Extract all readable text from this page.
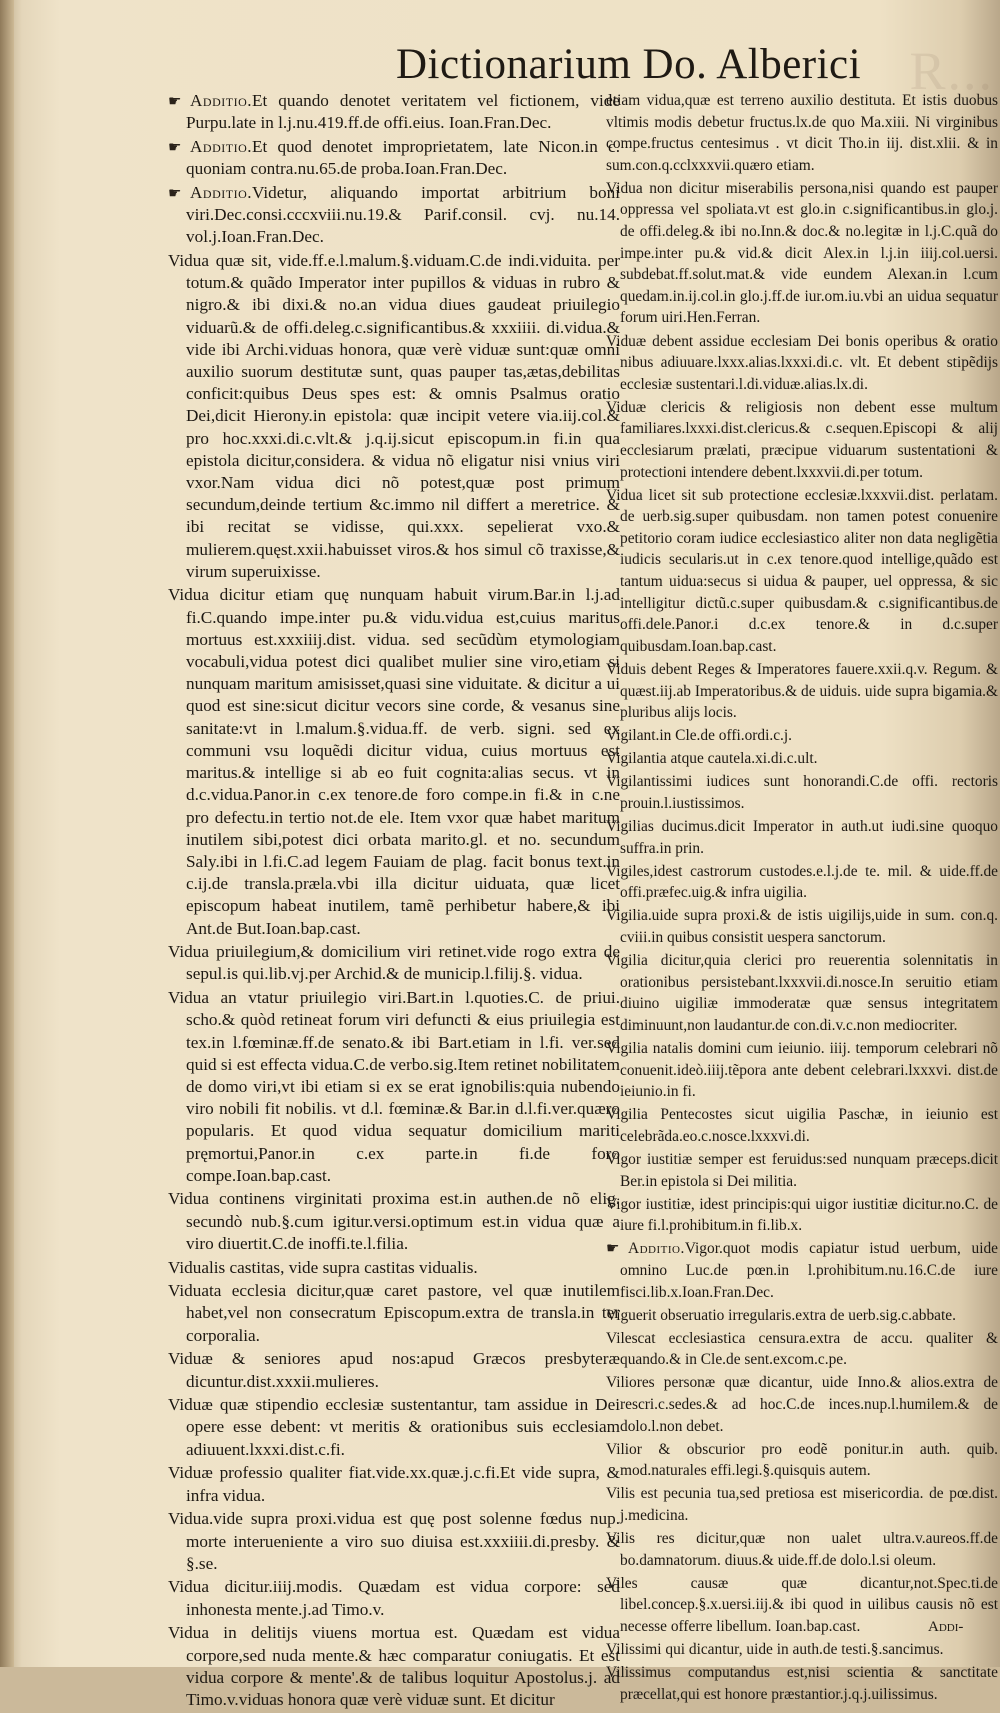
R...
Dictionarium Do. Alberici

☛ Additio.Et quando denotet veritatem vel fictionem, vide Purpu.late in l.j.nu.419.ff.de offi.eius. Ioan.Fran.Dec.

☛ Additio.Et quod denotet improprietatem, late Nicon.in c. quoniam contra.nu.65.de proba.Ioan.Fran.Dec.

☛ Additio.Videtur, aliquando importat arbitrium boni viri.Dec.consi.cccxviii.nu.19.& Parif.consil. cvj. nu.14. vol.j.Ioan.Fran.Dec.

Vidua quæ sit, vide.ff.e.l.malum.§.viduam.C.de indi.viduita. per totum.& quãdo Imperator inter pupillos & viduas in rubro & nigro.& ibi dixi.& no.an vidua diues gaudeat priuilegio viduarũ.& de offi.deleg.c.significantibus.& xxxiiii. di.vidua.& vide ibi Archi.viduas honora, quæ verè viduæ sunt:quæ omni auxilio suorum destitutæ sunt, quas pauper tas,ætas,debilitas conficit:quibus Deus spes est: & omnis Psalmus oratio Dei,dicit Hierony.in epistola: quæ incipit vetere via.iij.col.& pro hoc.xxxi.di.c.vlt.& j.q.ij.sicut episcopum.in fi.in qua epistola dicitur,considera. & vidua nõ eligatur nisi vnius viri vxor.Nam vidua dici nõ potest,quæ post primum secundum,deinde tertium &c.immo nil differt a meretrice. & ibi recitat se vidisse, qui.xxx. sepelierat vxo.& mulierem.quęst.xxii.habuisset viros.& hos simul cõ traxisse,& virum superuixisse.

Vidua dicitur etiam quę nunquam habuit virum.Bar.in l.j.ad fi.C.quando impe.inter pu.& vidu.vidua est,cuius maritus mortuus est.xxxiiij.dist. vidua. sed secũdùm etymologiam vocabuli,vidua potest dici qualibet mulier sine viro,etiam si nunquam maritum amisisset,quasi sine viduitate. & dicitur a ui quod est sine:sicut dicitur vecors sine corde, & vesanus sine sanitate:vt in l.malum.§.vidua.ff. de verb. signi. sed ex communi vsu loquẽdi dicitur vidua, cuius mortuus est maritus.& intellige si ab eo fuit cognita:alias secus. vt in d.c.vidua.Panor.in c.ex tenore.de foro compe.in fi.& in c.ne pro defectu.in tertio not.de ele. Item vxor quæ habet maritum inutilem sibi,potest dici orbata marito.gl. et no. secundum Saly.ibi in l.fi.C.ad legem Fauiam de plag. facit bonus text.in c.ij.de transla.præla.vbi illa dicitur uiduata, quæ licet episcopum habeat inutilem, tamẽ perhibetur habere,& ibi Ant.de But.Ioan.bap.cast.

Vidua priuilegium,& domicilium viri retinet.vide rogo extra de sepul.is qui.lib.vj.per Archid.& de municip.l.filij.§. vidua.

Vidua an vtatur priuilegio viri.Bart.in l.quoties.C. de priui. scho.& quòd retineat forum viri defuncti & eius priuilegia est tex.in l.fœminæ.ff.de senato.& ibi Bart.etiam in l.fi. ver.sed quid si est effecta vidua.C.de verbo.sig.Item retinet nobilitatem de domo viri,vt ibi etiam si ex se erat ignobilis:quia nubendo viro nobili fit nobilis. vt d.l. fœminæ.& Bar.in d.l.fi.ver.quæro popularis. Et quod vidua sequatur domicilium mariti pręmortui,Panor.in c.ex parte.in fi.de foro compe.Ioan.bap.cast.

Vidua continens virginitati proxima est.in authen.de nõ elig. secundò nub.§.cum igitur.versi.optimum est.in vidua quæ a viro diuertit.C.de inoffi.te.l.filia.

Vidualis castitas, vide supra castitas vidualis.

Viduata ecclesia dicitur,quæ caret pastore, vel quæ inutilem habet,vel non consecratum Episcopum.extra de transla.in ter corporalia.

Viduæ & seniores apud nos:apud Græcos presbyteræ dicuntur.dist.xxxii.mulieres.

Viduæ quæ stipendio ecclesiæ sustentantur, tam assidue in Dei opere esse debent: vt meritis & orationibus suis ecclesiam adiuuent.lxxxi.dist.c.fi.

Viduæ professio qualiter fiat.vide.xx.quæ.j.c.fi.Et vide supra, & infra vidua.

Vidua.vide supra proxi.vidua est quę post solenne fœdus nup. morte interueniente a viro suo diuisa est.xxxiiii.di.presby. & §.se.

Vidua dicitur.iiij.modis. Quædam est vidua corpore: sed inhonesta mente.j.ad Timo.v.

Vidua in delitijs viuens mortua est. Quædam est vidua corpore,sed nuda mente.& hæc comparatur coniugatis. Et est vidua corpore & mente'.& de talibus loquitur Apostolus.j. ad Timo.v.viduas honora quæ verè viduæ sunt. Et dicitur

etiam vidua,quæ est terreno auxilio destituta. Et istis duobus vltimis modis debetur fructus.lx.de quo Ma.xiii. Ni virginibus compe.fructus centesimus . vt dicit Tho.in iij. dist.xlii. & in sum.con.q.cclxxxvii.quæro etiam.

Vidua non dicitur miserabilis persona,nisi quando est pauper oppressa vel spoliata.vt est glo.in c.significantibus.in glo.j. de offi.deleg.& ibi no.Inn.& doc.& no.legitæ in l.j.C.quã do impe.inter pu.& vid.& dicit Alex.in l.j.in iiij.col.uersi. subdebat.ff.solut.mat.& vide eundem Alexan.in l.cum quedam.in.ij.col.in glo.j.ff.de iur.om.iu.vbi an uidua sequatur forum uiri.Hen.Ferran.

Viduæ debent assidue ecclesiam Dei bonis operibus & oratio nibus adiuuare.lxxx.alias.lxxxi.di.c. vlt. Et debent stipẽdijs ecclesiæ sustentari.l.di.viduæ.alias.lx.di.

Viduæ clericis & religiosis non debent esse multum familiares.lxxxi.dist.clericus.& c.sequen.Episcopi & alij ecclesiarum prælati, præcipue viduarum sustentationi & protectioni intendere debent.lxxxvii.di.per totum.

Vidua licet sit sub protectione ecclesiæ.lxxxvii.dist. perlatam. de uerb.sig.super quibusdam. non tamen potest conuenire petitorio coram iudice ecclesiastico aliter non data negligẽtia iudicis secularis.ut in c.ex tenore.quod intellige,quãdo est tantum uidua:secus si uidua & pauper, uel oppressa, & sic intelligitur dictũ.c.super quibusdam.& c.significantibus.de offi.dele.Panor.i d.c.ex tenore.& in d.c.super quibusdam.Ioan.bap.cast.

Viduis debent Reges & Imperatores fauere.xxii.q.v. Regum. & quæst.iij.ab Imperatoribus.& de uiduis. uide supra bigamia.& pluribus alijs locis.

Vigilant.in Cle.de offi.ordi.c.j.

Vigilantia atque cautela.xi.di.c.ult.

Vigilantissimi iudices sunt honorandi.C.de offi. rectoris prouin.l.iustissimos.

Vigilias ducimus.dicit Imperator in auth.ut iudi.sine quoquo suffra.in prin.

Vigiles,idest castrorum custodes.e.l.j.de te. mil. & uide.ff.de offi.præfec.uig.& infra uigilia.

Vigilia.uide supra proxi.& de istis uigilijs,uide in sum. con.q. cviii.in quibus consistit uespera sanctorum.

Vigilia dicitur,quia clerici pro reuerentia solennitatis in orationibus persistebant.lxxxvii.di.nosce.In seruitio etiam diuino uigiliæ immoderatæ quæ sensus integritatem diminuunt,non laudantur.de con.di.v.c.non mediocriter.

Vigilia natalis domini cum ieiunio. iiij. temporum celebrari nõ conuenit.ideò.iiij.tẽpora ante debent celebrari.lxxxvi. dist.de ieiunio.in fi.

Vigilia Pentecostes sicut uigilia Paschæ, in ieiunio est celebrãda.eo.c.nosce.lxxxvi.di.

Vigor iustitiæ semper est feruidus:sed nunquam præceps.dicit Ber.in epistola si Dei militia.

Vigor iustitiæ, idest principis:qui uigor iustitiæ dicitur.no.C. de iure fi.l.prohibitum.in fi.lib.x.

☛ Additio.Vigor.quot modis capiatur istud uerbum, uide omnino Luc.de pœn.in l.prohibitum.nu.16.C.de iure fisci.lib.x.Ioan.Fran.Dec.

Viguerit obseruatio irregularis.extra de uerb.sig.c.abbate.

Vilescat ecclesiastica censura.extra de accu. qualiter & quando.& in Cle.de sent.excom.c.pe.

Viliores personæ quæ dicantur, uide Inno.& alios.extra de rescri.c.sedes.& ad hoc.C.de inces.nup.l.humilem.& de dolo.l.non debet.

Vilior & obscurior pro eodẽ ponitur.in auth. quib. mod.naturales effi.legi.§.quisquis autem.

Vilis est pecunia tua,sed pretiosa est misericordia. de pœ.dist. j.medicina.

Vilis res dicitur,quæ non ualet ultra.v.aureos.ff.de bo.damnatorum. diuus.& uide.ff.de dolo.l.si oleum.

Viles causæ quæ dicantur,not.Spec.ti.de libel.concep.§.x.uersi.iij.& ibi quod in uilibus causis nõ est necesse offerre libellum. Ioan.bap.cast.

Vilissimi qui dicantur, uide in auth.de testi.§.sancimus.

Vilissimus computandus est,nisi scientia & sanctitate præcellat,qui est honore præstantior.j.q.j.uilissimus.

Addi-
